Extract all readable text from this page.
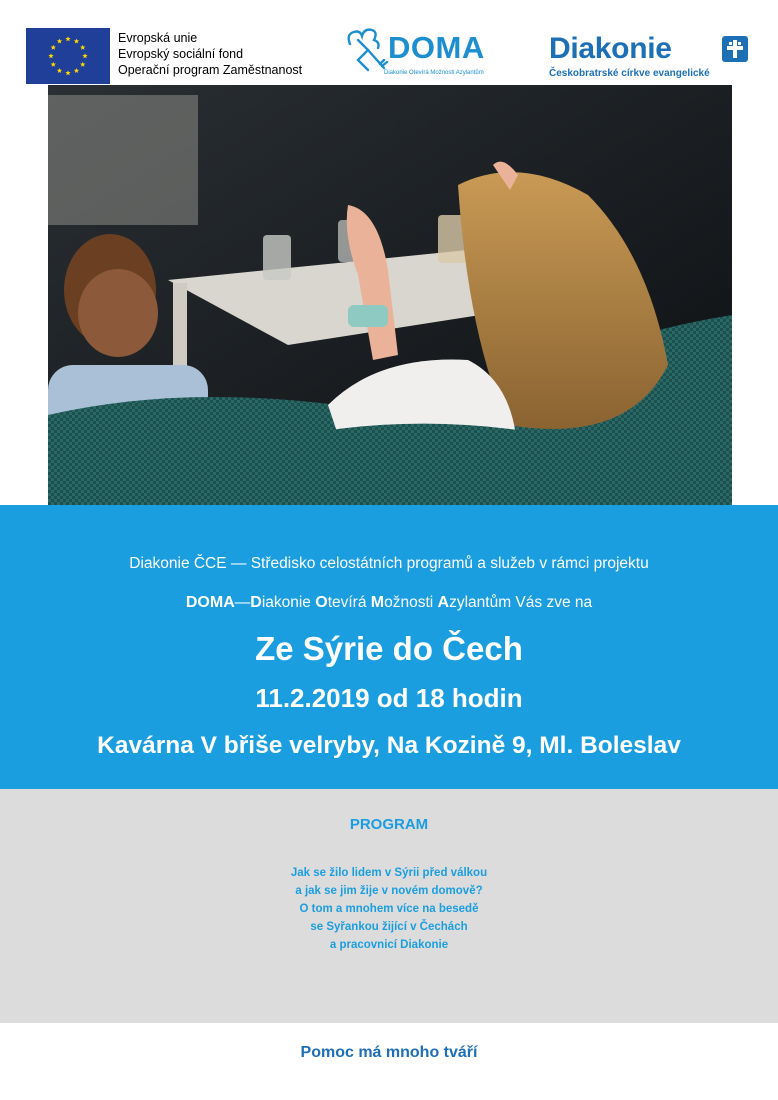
Evropská unie
Evropský sociální fond
Operační program Zaměstnanost
DOMA
Diakonie Otevírá Možnosti Azylantům
Diakonie
Českobratrské církve evangelické
Diakonie ČCE — Středisko celostátních programů a služeb v rámci projektu
DOMA—Diakonie Otevírá Možnosti Azylantům Vás zve na
Ze Sýrie do Čech
11.2.2019 od 18 hodin
Kavárna V břiše velryby, Na Kozině 9, Ml. Boleslav
PROGRAM
Jak se žilo lidem v Sýrii před válkou
a jak se jim žije v novém domově?
O tom a mnohem více na besedě
se Syřankou žijící v Čechách
a pracovnicí Diakonie
Pomoc má mnoho tváří
